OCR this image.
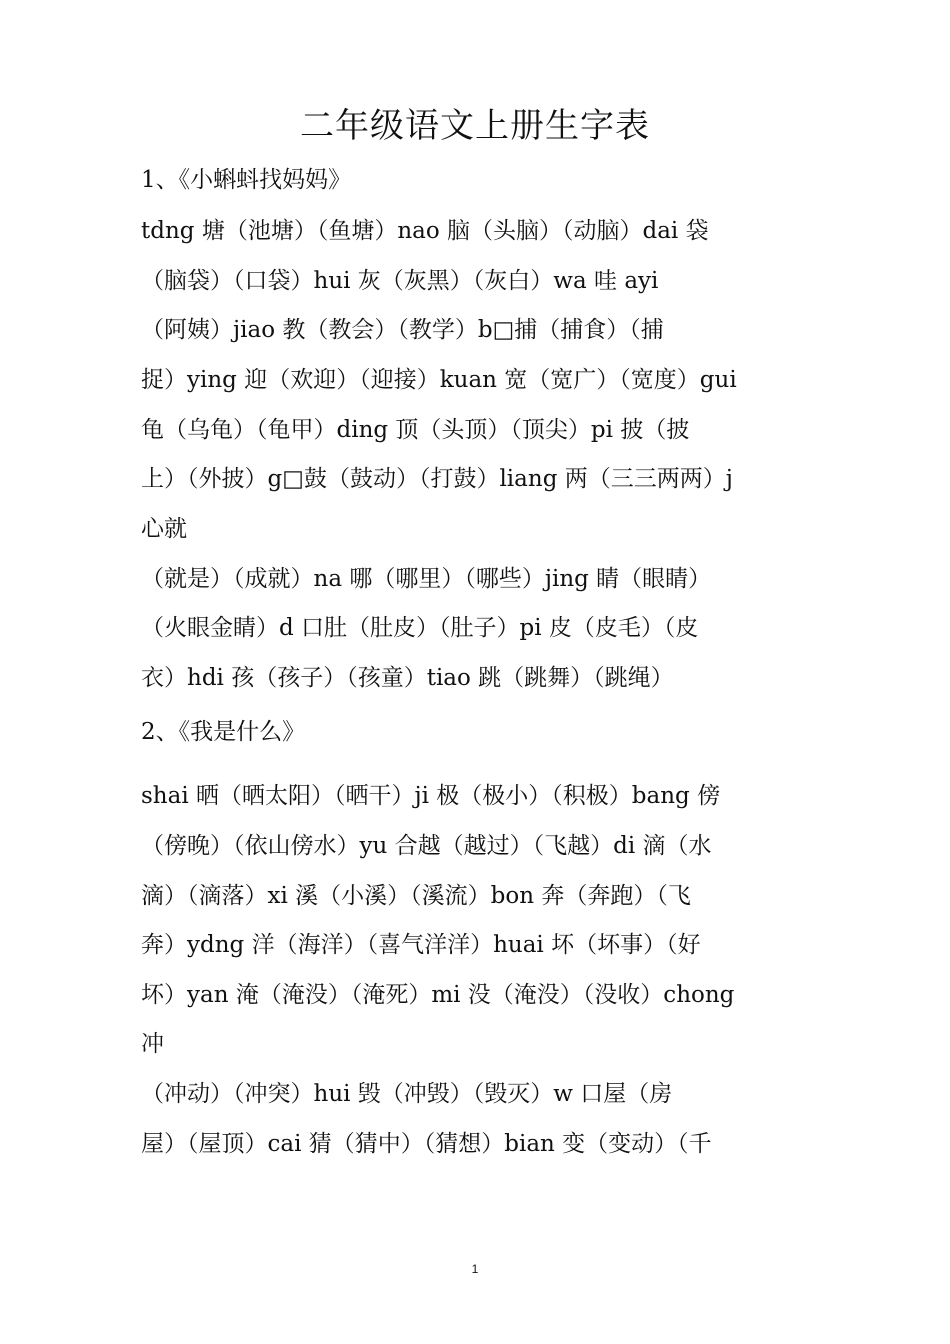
二年级语文上册生字表
1、《小蝌蚪找妈妈》
tdng 塘（池塘）（鱼塘）nao 脑（头脑）（动脑）dai 袋
（脑袋）（口袋）hui 灰（灰黑）（灰白）wa 哇 ayi
（阿姨）jiao 教（教会）（教学）b□捕（捕食）（捕
捉）ying 迎（欢迎）（迎接）kuan 宽（宽广）（宽度）gui
龟（乌龟）（龟甲）ding 顶（头顶）（顶尖）pi 披（披
上）（外披）g□鼓（鼓动）（打鼓）liang 两（三三两两）j
心就
（就是）（成就）na 哪（哪里）（哪些）jing 睛（眼睛）
（火眼金睛）d 口肚（肚皮）（肚子）pi 皮（皮毛）（皮
衣）hdi 孩（孩子）（孩童）tiao 跳（跳舞）（跳绳）
2、《我是什么》
shai 晒（晒太阳）（晒干）ji 极（极小）（积极）bang 傍
（傍晚）（依山傍水）yu 合越（越过）（飞越）di 滴（水
滴）（滴落）xi 溪（小溪）（溪流）bon 奔（奔跑）（飞
奔）ydng 洋（海洋）（喜气洋洋）huai 坏（坏事）（好
坏）yan 淹（淹没）（淹死）mi 没（淹没）（没收）chong
冲
（冲动）（冲突）hui 毁（冲毁）（毁灭）w 口屋（房
屋）（屋顶）cai 猜（猜中）（猜想）bian 变（变动）（千
1
